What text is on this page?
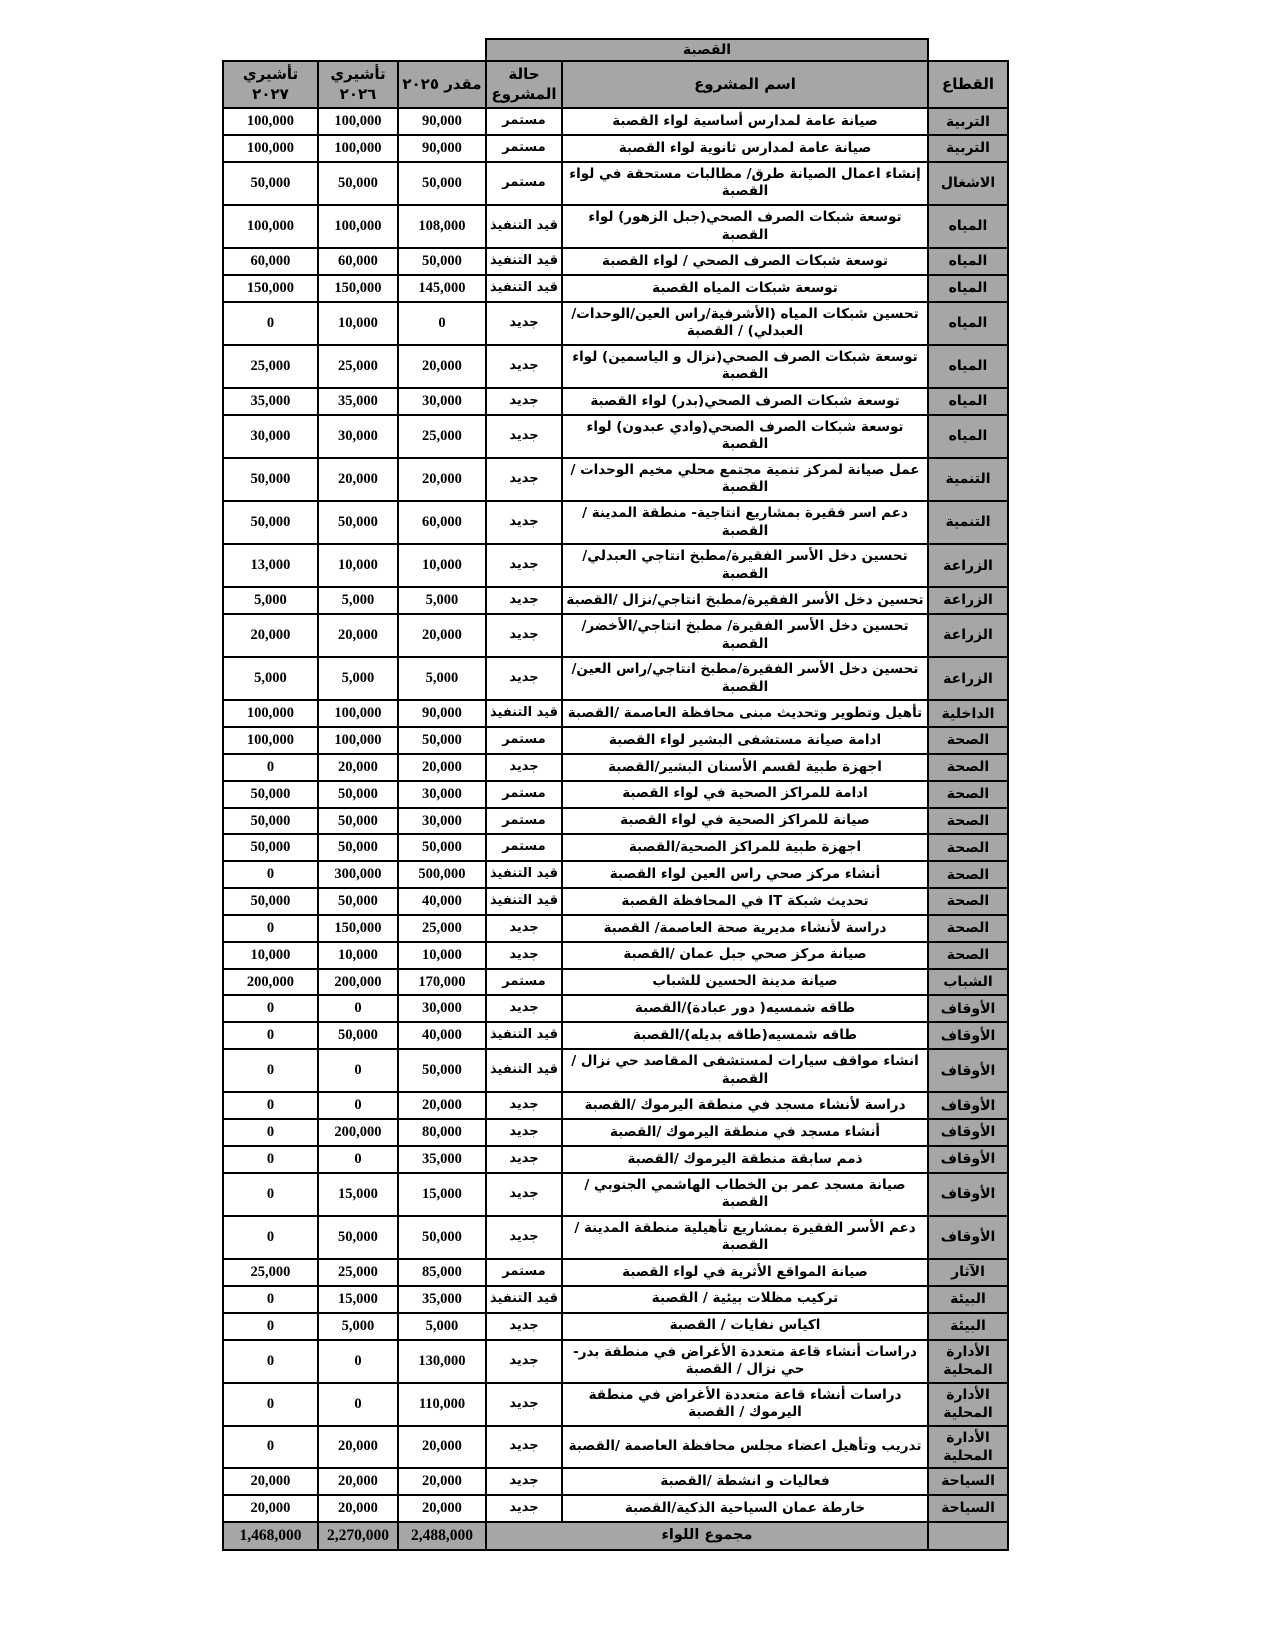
	القصبة				
القطاع	اسم المشروع	حالة المشروع	مقدر ٢٠٢٥	تأشيري ٢٠٢٦	تأشيري ٢٠٢٧
التربية	صيانة عامة لمدارس أساسية لواء القصبة	مستمر	90,000	100,000	100,000
التربية	صيانة عامة لمدارس ثانوية لواء القصبة	مستمر	90,000	100,000	100,000
الاشغال	إنشاء اعمال الصيانة طرق/ مطالبات مستحقة في لواء القصبة	مستمر	50,000	50,000	50,000
المياه	توسعة شبكات الصرف الصحي(جبل الزهور) لواء القصبة	قيد التنفيذ	108,000	100,000	100,000
المياه	توسعة شبكات الصرف الصحي / لواء القصبة	قيد التنفيذ	50,000	60,000	60,000
المياه	توسعة شبكات المياه القصبة	قيد التنفيذ	145,000	150,000	150,000
المياه	تحسين شبكات المياه (الأشرفية/راس العين/الوحدات/العبدلي) / القصبة	جديد	0	10,000	0
المياه	توسعة شبكات الصرف الصحي(نزال و الياسمين) لواء القصبة	جديد	20,000	25,000	25,000
المياه	توسعة شبكات الصرف الصحي(بدر) لواء القصبة	جديد	30,000	35,000	35,000
المياه	توسعة شبكات الصرف الصحي(وادي عبدون) لواء القصبة	جديد	25,000	30,000	30,000
التنمية	عمل صيانة لمركز تنمية مجتمع محلي مخيم الوحدات /القصبة	جديد	20,000	20,000	50,000
التنمية	دعم اسر فقيرة بمشاريع انتاجية- منطقة المدينة /القصبة	جديد	60,000	50,000	50,000
الزراعة	تحسين دخل الأسر الفقيرة/مطبخ انتاجي العبدلي/القصبة	جديد	10,000	10,000	13,000
الزراعة	تحسين دخل الأسر الفقيرة/مطبخ انتاجي/نزال /القصبة	جديد	5,000	5,000	5,000
الزراعة	تحسين دخل الأسر الفقيرة/ مطبخ انتاجي/الأخضر/القصبة	جديد	20,000	20,000	20,000
الزراعة	تحسين دخل الأسر الفقيرة/مطبخ انتاجي/راس العين/القصبة	جديد	5,000	5,000	5,000
الداخلية	تأهيل وتطوير وتحديث مبنى محافظة العاصمة /القصبة	قيد التنفيذ	90,000	100,000	100,000
الصحة	ادامة صيانة مستشفى البشير لواء القصبة	مستمر	50,000	100,000	100,000
الصحة	اجهزة طبية لقسم الأسنان البشير/القصبة	جديد	20,000	20,000	0
الصحة	ادامة للمراكز الصحية في لواء القصبة	مستمر	30,000	50,000	50,000
الصحة	صيانة للمراكز الصحية في لواء القصبة	مستمر	30,000	50,000	50,000
الصحة	اجهزة طبية للمراكز الصحية/القصبة	مستمر	50,000	50,000	50,000
الصحة	أنشاء مركز صحي راس العين لواء القصبة	قيد التنفيذ	500,000	300,000	0
الصحة	تحديث شبكة IT في المحافظة القصبة	قيد التنفيذ	40,000	50,000	50,000
الصحة	دراسة لأنشاء مديرية صحة العاصمة/ القصبة	جديد	25,000	150,000	0
الصحة	صيانة مركز صحي جبل عمان /القصبة	جديد	10,000	10,000	10,000
الشباب	صيانة مدينة الحسين للشباب	مستمر	170,000	200,000	200,000
الأوقاف	طاقه شمسيه( دور عبادة)/القصبة	جديد	30,000	0	0
الأوقاف	طاقه شمسيه(طاقه بديله)/القصبة	قيد التنفيذ	40,000	50,000	0
الأوقاف	انشاء مواقف سيارات لمستشفى المقاصد حي نزال /القصبة	قيد التنفيذ	50,000	0	0
الأوقاف	دراسة لأنشاء مسجد في منطقة اليرموك /القصبة	جديد	20,000	0	0
الأوقاف	أنشاء مسجد في منطقة اليرموك /القصبة	جديد	80,000	200,000	0
الأوقاف	ذمم سابقة منطقة اليرموك /القصبة	جديد	35,000	0	0
الأوقاف	صيانة مسجد عمر بن الخطاب الهاشمي الجنوبي /القصبة	جديد	15,000	15,000	0
الأوقاف	دعم الأسر الفقيرة بمشاريع تأهيلية منطقة المدينة /القصبة	جديد	50,000	50,000	0
الآثار	صيانة المواقع الأثرية في لواء القصبة	مستمر	85,000	25,000	25,000
البيئة	تركيب مظلات بيئية / القصبة	قيد التنفيذ	35,000	15,000	0
البيئة	اكياس نفايات / القصبة	جديد	5,000	5,000	0
الأدارة المحلية	دراسات أنشاء قاعة متعددة الأغراض في منطقة بدر- حي نزال / القصبة	جديد	130,000	0	0
الأدارة المحلية	دراسات أنشاء قاعة متعددة الأغراض في منطقة اليرموك / القصبة	جديد	110,000	0	0
الأدارة المحلية	تدريب وتأهيل اعضاء مجلس محافظة العاصمة /القصبة	جديد	20,000	20,000	0
السياحة	فعاليات و انشطة /القصبة	جديد	20,000	20,000	20,000
السياحة	خارطة عمان السياحية الذكية/القصبة	جديد	20,000	20,000	20,000
	مجموع اللواء		2,488,000	2,270,000	1,468,000
